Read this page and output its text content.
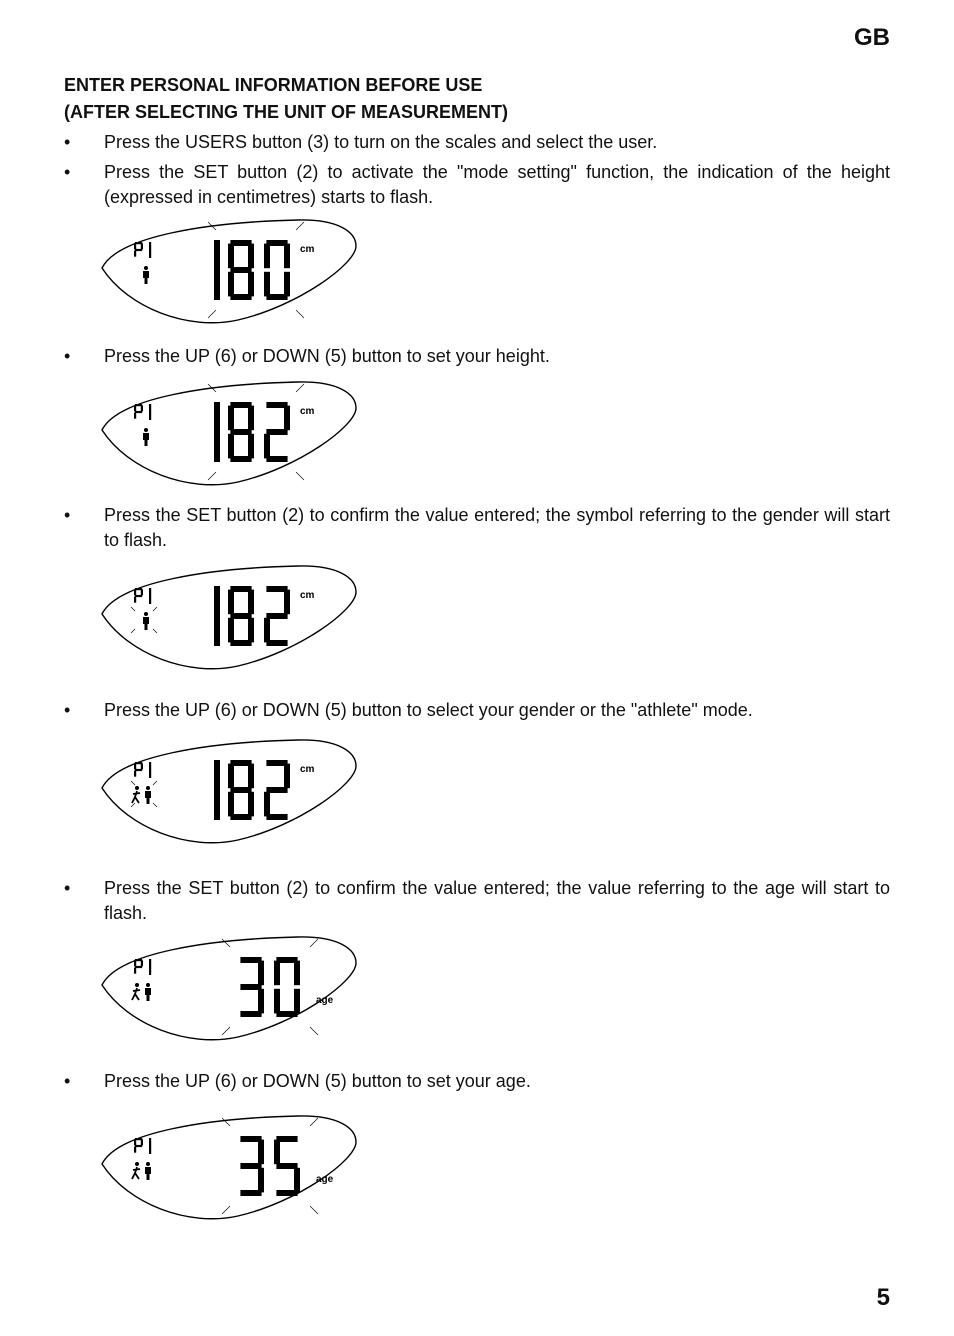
GB
ENTER PERSONAL INFORMATION BEFORE USE
(AFTER SELECTING THE UNIT OF MEASUREMENT)
•	Press the USERS button (3) to turn on the scales and select the user.
•	Press the SET button (2) to activate the "mode setting" function, the indication of the height (expressed in centimetres) starts to flash.
cm
•	Press the UP (6) or DOWN (5) button to set your height.
cm
•	Press the SET button (2) to confirm the value entered; the symbol referring to the gender will start to flash.
cm
•	Press the UP (6) or DOWN (5) button to select your gender or the "athlete" mode.
cm
•	Press the SET button (2) to confirm the value entered; the value referring to the age will start to flash.
age
•	Press the UP (6) or DOWN (5) button to set your age.
age
5
